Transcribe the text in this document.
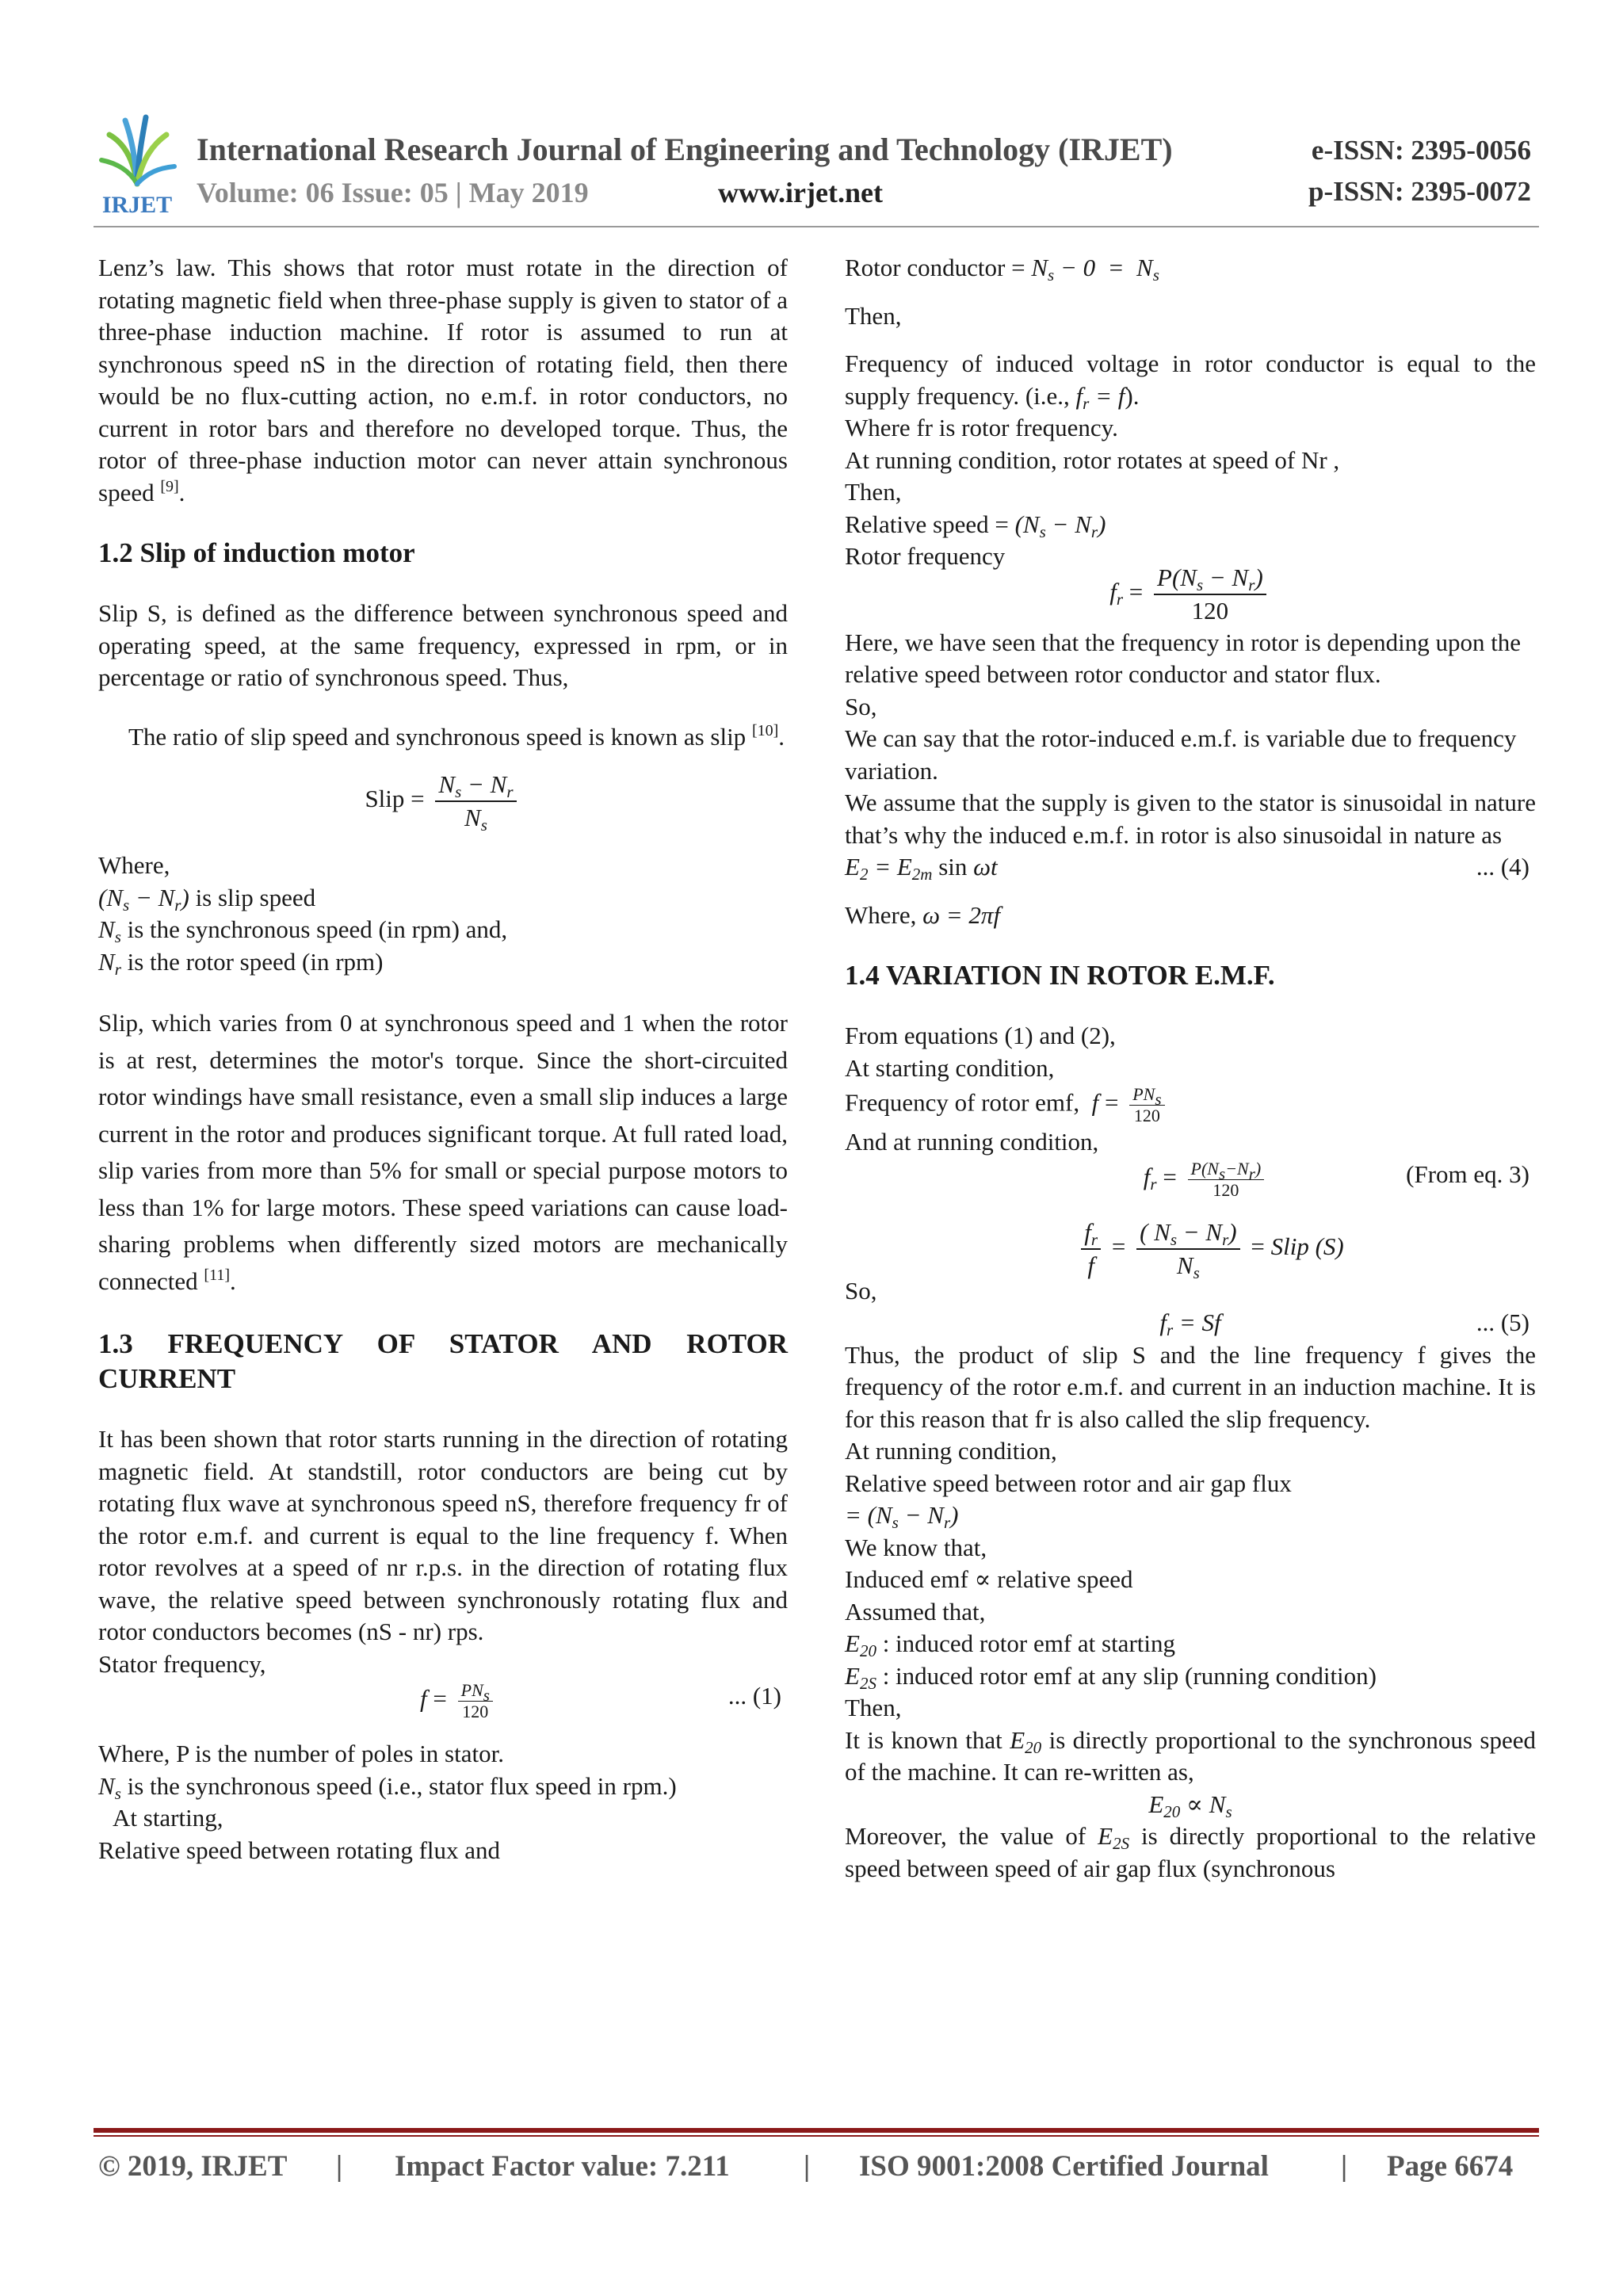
IRJET
International Research Journal of Engineering and Technology (IRJET)	e-ISSN: 2395-0056
Volume: 06 Issue: 05 | May 2019	www.irjet.net	p-ISSN: 2395-0072
Lenz’s law. This shows that rotor must rotate in the direction of rotating magnetic field when three-phase supply is given to stator of a three-phase induction machine. If rotor is assumed to run at synchronous speed nS in the direction of rotating field, then there would be no flux-cutting action, no e.m.f. in rotor conductors, no current in rotor bars and therefore no developed torque. Thus, the rotor of three-phase induction motor can never attain synchronous speed [9].
1.2 Slip of induction motor
Slip S, is defined as the difference between synchronous speed and operating speed, at the same frequency, expressed in rpm, or in percentage or ratio of synchronous speed. Thus,
The ratio of slip speed and synchronous speed is known as slip [10].
Slip = $\frac{N_s - N_r}{N_s}$
Where,
$(N_s - N_r)$ is slip speed
$N_s$ is the synchronous speed (in rpm) and,
$N_r$ is the rotor speed (in rpm)
Slip, which varies from 0 at synchronous speed and 1 when the rotor is at rest, determines the motor's torque. Since the short-circuited rotor windings have small resistance, even a small slip induces a large current in the rotor and produces significant torque. At full rated load, slip varies from more than 5% for small or special purpose motors to less than 1% for large motors. These speed variations can cause load-sharing problems when differently sized motors are mechanically connected [11].
1.3 FREQUENCY OF STATOR AND ROTOR CURRENT
It has been shown that rotor starts running in the direction of rotating magnetic field. At standstill, rotor conductors are being cut by rotating flux wave at synchronous speed nS, therefore frequency fr of the rotor e.m.f. and current is equal to the line frequency f. When rotor revolves at a speed of nr r.p.s. in the direction of rotating flux wave, the relative speed between synchronously rotating flux and rotor conductors becomes (nS - nr) rps.
Stator frequency,
$f = \frac{PN_s}{120}$	... (1)
Where, P is the number of poles in stator.
$N_s$ is the synchronous speed (i.e., stator flux speed in rpm.)
At starting,
Relative speed between rotating flux and
Rotor conductor = $N_s - 0 = N_s$
Then,
Frequency of induced voltage in rotor conductor is equal to the supply frequency. (i.e., $f_r = f$).
Where fr is rotor frequency.
At running condition, rotor rotates at speed of Nr ,
Then,
Relative speed = $(N_s - N_r)$
Rotor frequency
$f_r = \frac{P(N_s - N_r)}{120}$
Here, we have seen that the frequency in rotor is depending upon the relative speed between rotor conductor and stator flux.
So,
We can say that the rotor-induced e.m.f. is variable due to frequency variation.
We assume that the supply is given to the stator is sinusoidal in nature that’s why the induced e.m.f. in rotor is also sinusoidal in nature as
$E_2 = E_{2m}$ sin ωt	... (4)
Where, ω = 2πf
1.4 VARIATION IN ROTOR E.M.F.
From equations (1) and (2),
At starting condition,
Frequency of rotor emf, $f = \frac{PN_s}{120}$
And at running condition,
$f_r = \frac{P(N_s-N_r)}{120}$	(From eq. 3)
$\frac{f_r}{f} = \frac{( N_s - N_r)}{N_s}$ = Slip (S)
So,
$f_r = Sf$	... (5)
Thus, the product of slip S and the line frequency f gives the frequency of the rotor e.m.f. and current in an induction machine. It is for this reason that fr is also called the slip frequency.
At running condition,
Relative speed between rotor and air gap flux
= $(N_s - N_r)$
We know that,
Induced emf ∝ relative speed
Assumed that,
$E_{20}$ : induced rotor emf at starting
$E_{2S}$ : induced rotor emf at any slip (running condition)
Then,
It is known that $E_{20}$ is directly proportional to the synchronous speed of the machine. It can re-written as,
$E_{20} \propto N_s$
Moreover, the value of $E_{2S}$ is directly proportional to the relative speed between speed of air gap flux (synchronous
© 2019, IRJET | Impact Factor value: 7.211	| ISO 9001:2008 Certified Journal | Page 6674
